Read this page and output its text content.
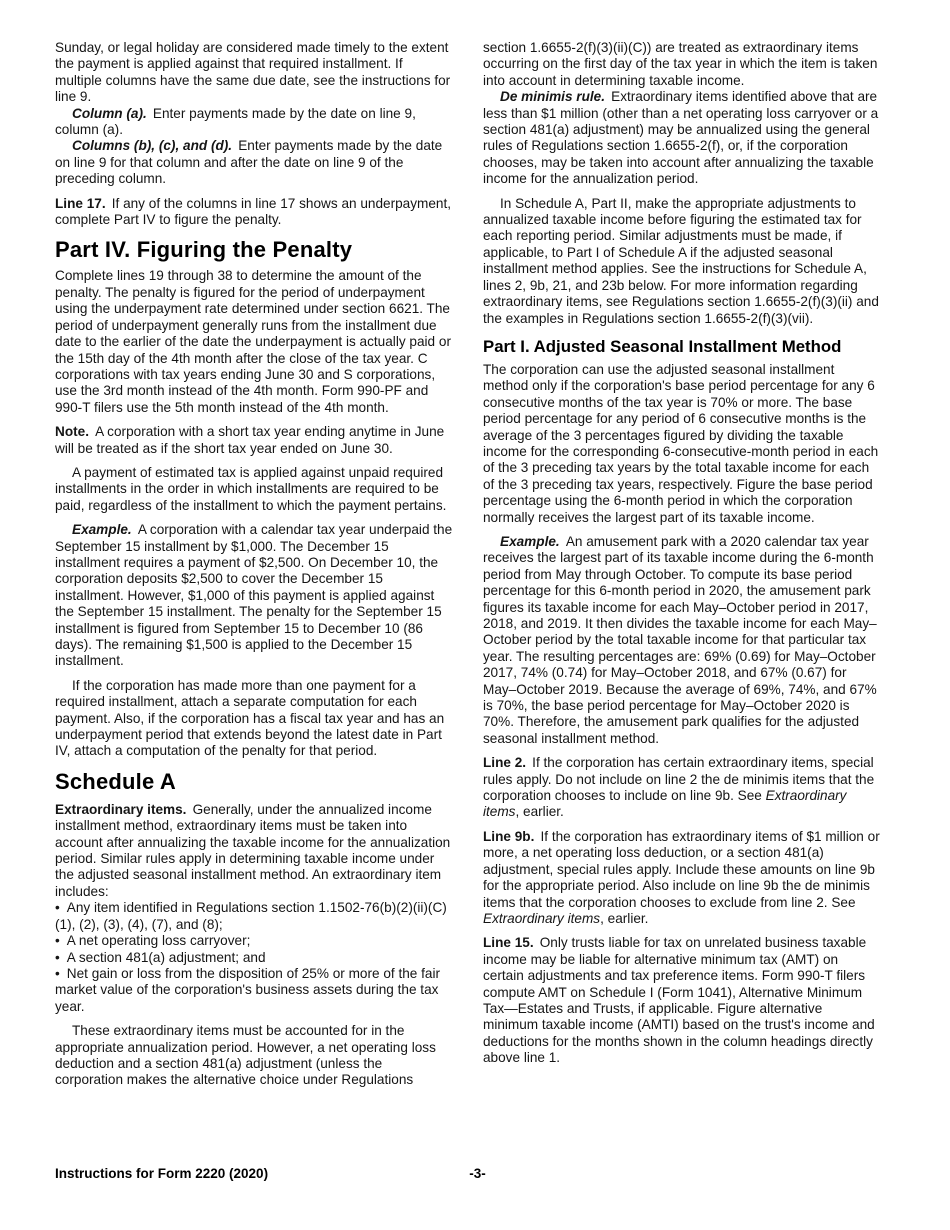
Sunday, or legal holiday are considered made timely to the extent the payment is applied against that required installment. If multiple columns have the same due date, see the instructions for line 9.

Column (a). Enter payments made by the date on line 9, column (a).

Columns (b), (c), and (d). Enter payments made by the date on line 9 for that column and after the date on line 9 of the preceding column.

Line 17. If any of the columns in line 17 shows an underpayment, complete Part IV to figure the penalty.

Part IV. Figuring the Penalty

Complete lines 19 through 38 to determine the amount of the penalty. The penalty is figured for the period of underpayment using the underpayment rate determined under section 6621. The period of underpayment generally runs from the installment due date to the earlier of the date the underpayment is actually paid or the 15th day of the 4th month after the close of the tax year. C corporations with tax years ending June 30 and S corporations, use the 3rd month instead of the 4th month. Form 990-PF and 990-T filers use the 5th month instead of the 4th month.

Note. A corporation with a short tax year ending anytime in June will be treated as if the short tax year ended on June 30.

A payment of estimated tax is applied against unpaid required installments in the order in which installments are required to be paid, regardless of the installment to which the payment pertains.

Example. A corporation with a calendar tax year underpaid the September 15 installment by $1,000. The December 15 installment requires a payment of $2,500. On December 10, the corporation deposits $2,500 to cover the December 15 installment. However, $1,000 of this payment is applied against the September 15 installment. The penalty for the September 15 installment is figured from September 15 to December 10 (86 days). The remaining $1,500 is applied to the December 15 installment.

If the corporation has made more than one payment for a required installment, attach a separate computation for each payment. Also, if the corporation has a fiscal tax year and has an underpayment period that extends beyond the latest date in Part IV, attach a computation of the penalty for that period.

Schedule A

Extraordinary items. Generally, under the annualized income installment method, extraordinary items must be taken into account after annualizing the taxable income for the annualization period. Similar rules apply in determining taxable income under the adjusted seasonal installment method. An extraordinary item includes:

• Any item identified in Regulations section 1.1502-76(b)(2)(ii)(C)(1), (2), (3), (4), (7), and (8);

• A net operating loss carryover;

• A section 481(a) adjustment; and

• Net gain or loss from the disposition of 25% or more of the fair market value of the corporation's business assets during the tax year.

These extraordinary items must be accounted for in the appropriate annualization period. However, a net operating loss deduction and a section 481(a) adjustment (unless the corporation makes the alternative choice under Regulations

section 1.6655-2(f)(3)(ii)(C)) are treated as extraordinary items occurring on the first day of the tax year in which the item is taken into account in determining taxable income.

De minimis rule. Extraordinary items identified above that are less than $1 million (other than a net operating loss carryover or a section 481(a) adjustment) may be annualized using the general rules of Regulations section 1.6655-2(f), or, if the corporation chooses, may be taken into account after annualizing the taxable income for the annualization period.

In Schedule A, Part II, make the appropriate adjustments to annualized taxable income before figuring the estimated tax for each reporting period. Similar adjustments must be made, if applicable, to Part I of Schedule A if the adjusted seasonal installment method applies. See the instructions for Schedule A, lines 2, 9b, 21, and 23b below. For more information regarding extraordinary items, see Regulations section 1.6655-2(f)(3)(ii) and the examples in Regulations section 1.6655-2(f)(3)(vii).

Part I. Adjusted Seasonal Installment Method

The corporation can use the adjusted seasonal installment method only if the corporation's base period percentage for any 6 consecutive months of the tax year is 70% or more. The base period percentage for any period of 6 consecutive months is the average of the 3 percentages figured by dividing the taxable income for the corresponding 6-consecutive-month period in each of the 3 preceding tax years by the total taxable income for each of the 3 preceding tax years, respectively. Figure the base period percentage using the 6-month period in which the corporation normally receives the largest part of its taxable income.

Example. An amusement park with a 2020 calendar tax year receives the largest part of its taxable income during the 6-month period from May through October. To compute its base period percentage for this 6-month period in 2020, the amusement park figures its taxable income for each May–October period in 2017, 2018, and 2019. It then divides the taxable income for each May–October period by the total taxable income for that particular tax year. The resulting percentages are: 69% (0.69) for May–October 2017, 74% (0.74) for May–October 2018, and 67% (0.67) for May–October 2019. Because the average of 69%, 74%, and 67% is 70%, the base period percentage for May–October 2020 is 70%. Therefore, the amusement park qualifies for the adjusted seasonal installment method.

Line 2. If the corporation has certain extraordinary items, special rules apply. Do not include on line 2 the de minimis items that the corporation chooses to include on line 9b. See Extraordinary items, earlier.

Line 9b. If the corporation has extraordinary items of $1 million or more, a net operating loss deduction, or a section 481(a) adjustment, special rules apply. Include these amounts on line 9b for the appropriate period. Also include on line 9b the de minimis items that the corporation chooses to exclude from line 2. See Extraordinary items, earlier.

Line 15. Only trusts liable for tax on unrelated business taxable income may be liable for alternative minimum tax (AMT) on certain adjustments and tax preference items. Form 990-T filers compute AMT on Schedule I (Form 1041), Alternative Minimum Tax—Estates and Trusts, if applicable. Figure alternative minimum taxable income (AMTI) based on the trust's income and deductions for the months shown in the column headings directly above line 1.

Instructions for Form 2220 (2020)	-3-
